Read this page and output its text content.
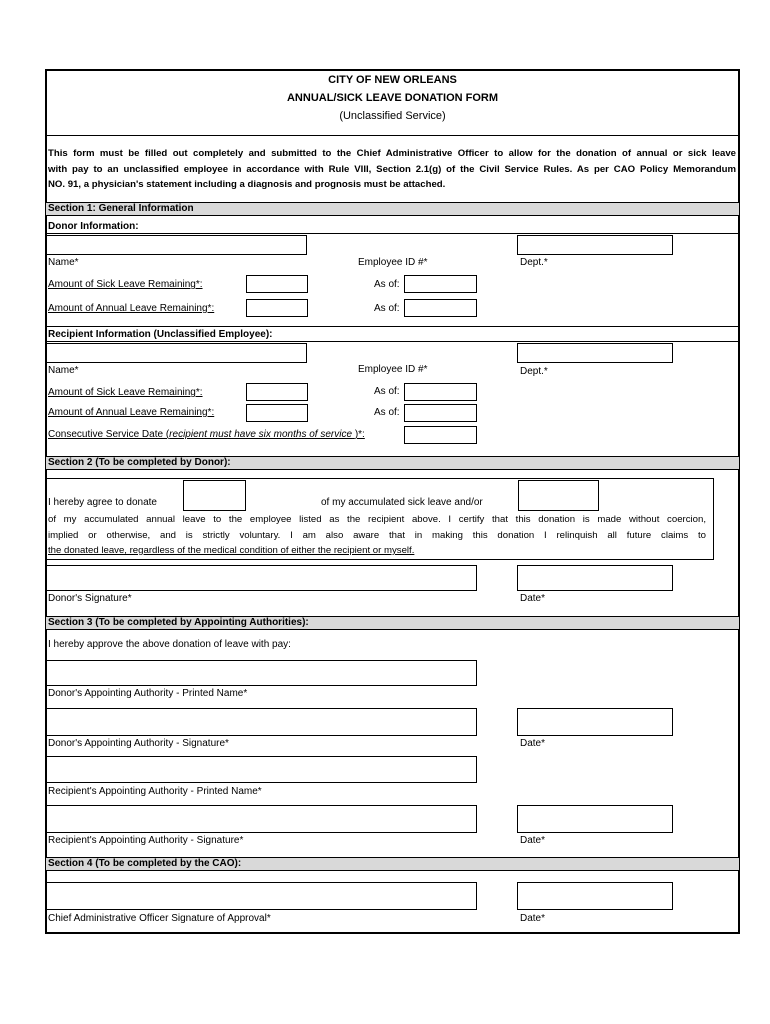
CITY OF NEW ORLEANS
ANNUAL/SICK LEAVE DONATION FORM
(Unclassified Service)
This form must be filled out completely and submitted to the Chief Administrative Officer to allow for the donation of annual or sick leave
with pay to an unclassified employee in accordance with Rule VIII, Section 2.1(g) of the Civil Service Rules. As per CAO Policy Memorandum
NO. 91, a physician's statement including a diagnosis and prognosis must be attached.
Section 1: General Information
Donor Information:
Name*	Employee ID #*	Dept.*
Amount of Sick Leave Remaining*:	As of:
Amount of Annual Leave Remaining*:	As of:
Recipient Information (Unclassified Employee):
Name*	Employee ID #*	Dept.*
Amount of Sick Leave Remaining*:	As of:
Amount of Annual Leave Remaining*:	As of:
Consecutive Service Date (recipient must have six months of service )*:
Section 2 (To be completed by Donor):
I hereby agree to donate	of my accumulated sick leave and/or
of my accumulated annual leave to the employee listed as the recipient above. I certify that this donation is made without coercion,
implied or otherwise, and is strictly voluntary. I am also aware that in making this donation I relinquish all future claims to
the donated leave, regardless of the medical condition of either the recipient or myself.
Donor's Signature*	Date*
Section 3 (To be completed by Appointing Authorities):
I hereby approve the above donation of leave with pay:
Donor's Appointing Authority - Printed Name*
Donor's Appointing Authority - Signature*	Date*
Recipient's Appointing Authority - Printed Name*
Recipient's Appointing Authority - Signature*	Date*
Section 4 (To be completed by the CAO):
Chief Administrative Officer Signature of Approval*	Date*
